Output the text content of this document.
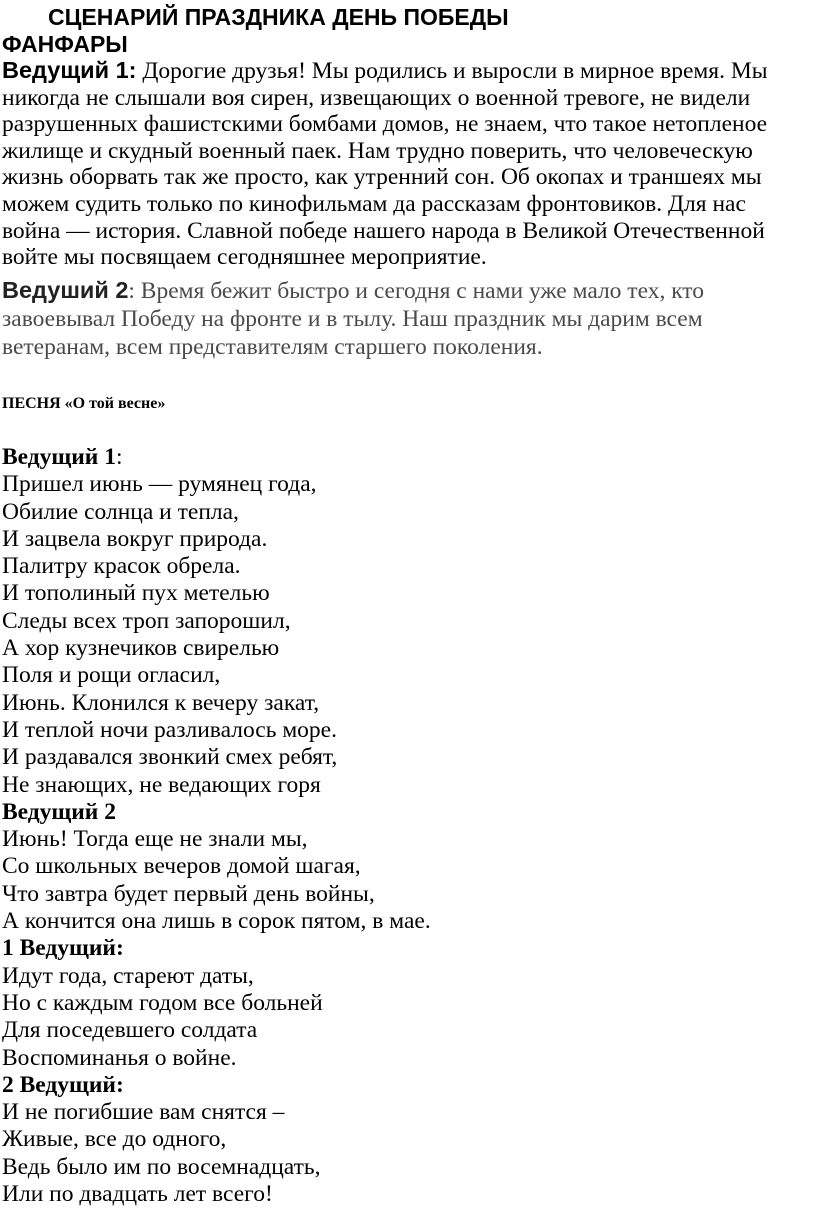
СЦЕНАРИЙ ПРАЗДНИКА ДЕНЬ ПОБЕДЫ
ФАНФАРЫ
Ведущий 1: Дорогие друзья! Мы родились и выросли в мирное время. Мы никогда не слышали воя сирен, извещающих о военной тревоге, не видели разрушенных фашистскими бомбами домов, не знаем, что такое нетопленое жилище и скудный военный паек. Нам трудно поверить, что человеческую жизнь оборвать так же просто, как утренний сон. Об окопах и траншеях мы можем судить только по кинофильмам да рассказам фронтовиков. Для нас война — история. Славной победе нашего народа в Великой Отечественной войте мы посвящаем сегодняшнее мероприятие.
Ведуший 2: Время бежит быстро и сегодня с нами уже мало тех, кто завоевывал Победу на фронте и в тылу. Наш праздник мы дарим всем ветеранам, всем представителям старшего поколения.
ПЕСНЯ «О той весне»
Ведущий 1:
Пришел июнь — румянец года,
Обилие солнца и тепла,
И зацвела вокруг природа.
Палитру красок обрела.
И тополиный пух метелью
Следы всех троп запорошил,
А хор кузнечиков свирелью
Поля и рощи огласил,
Июнь. Клонился к вечеру закат,
И теплой ночи разливалось море.
И раздавался звонкий смех ребят,
Не знающих, не ведающих горя
Ведущий 2
Июнь! Тогда еще не знали мы,
Со школьных вечеров домой шагая,
Что завтра будет первый день войны,
А кончится она лишь в сорок пятом, в мае.
1 Ведущий:
Идут года, стареют даты,
Но с каждым годом все больней
Для поседевшего солдата
Воспоминанья о войне.
2 Ведущий:
И не погибшие вам снятся –
Живые, все до одного,
Ведь было им по восемнадцать,
Или по двадцать лет всего!
